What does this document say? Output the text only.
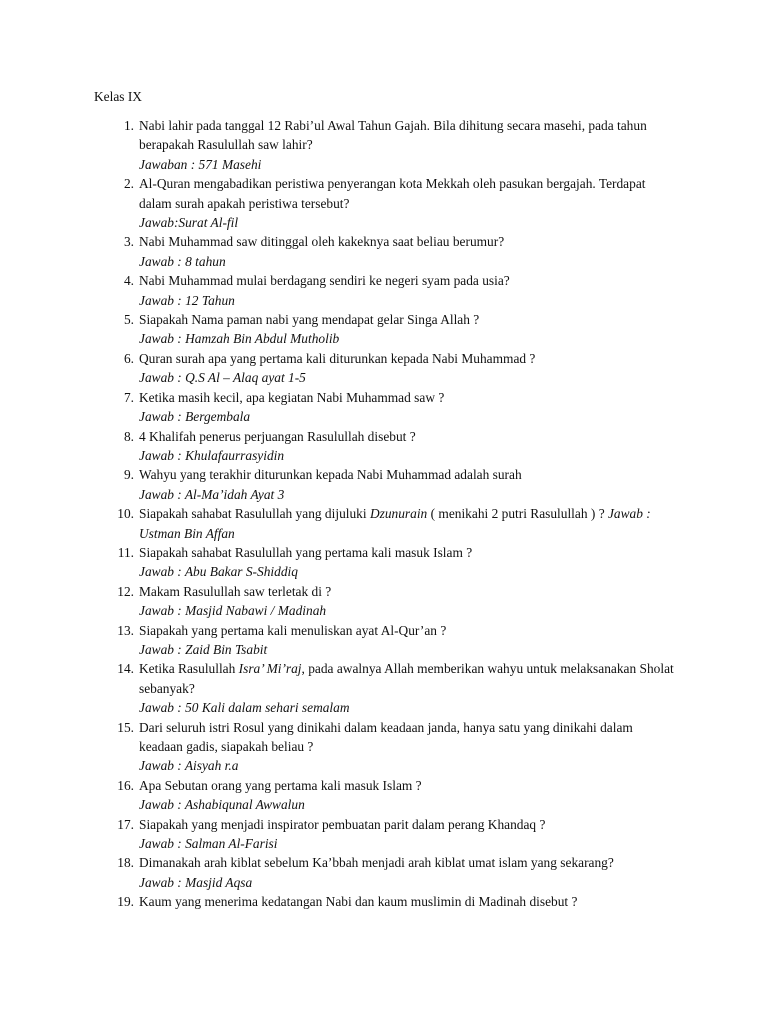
Kelas IX
1. Nabi lahir pada tanggal 12 Rabi’ul Awal Tahun Gajah. Bila dihitung secara masehi, pada tahun berapakah Rasulullah saw lahir?
Jawaban : 571 Masehi
2. Al-Quran mengabadikan peristiwa penyerangan kota Mekkah oleh pasukan bergajah. Terdapat dalam surah apakah peristiwa tersebut?
Jawab:Surat Al-fil
3. Nabi Muhammad saw ditinggal oleh kakeknya saat beliau berumur?
Jawab : 8 tahun
4. Nabi Muhammad mulai berdagang sendiri ke negeri syam pada usia?
Jawab : 12 Tahun
5. Siapakah Nama paman nabi yang mendapat gelar Singa Allah ?
Jawab : Hamzah Bin Abdul Mutholib
6. Quran surah apa yang pertama kali diturunkan kepada Nabi Muhammad ?
Jawab : Q.S Al – Alaq ayat 1-5
7. Ketika masih kecil, apa kegiatan Nabi Muhammad saw ?
Jawab : Bergembala
8. 4 Khalifah penerus perjuangan Rasulullah disebut ?
Jawab : Khulafaurrasyidin
9. Wahyu yang terakhir diturunkan kepada Nabi Muhammad adalah surah
Jawab : Al-Ma’idah Ayat 3
10. Siapakah sahabat Rasulullah yang dijuluki Dzunurain ( menikahi 2 putri Rasulullah ) ? Jawab : Ustman Bin Affan
11. Siapakah sahabat Rasulullah yang pertama kali masuk Islam ?
Jawab : Abu Bakar S-Shiddiq
12. Makam Rasulullah saw terletak di ?
Jawab : Masjid Nabawi / Madinah
13. Siapakah yang pertama kali menuliskan ayat Al-Qur’an ?
Jawab : Zaid Bin Tsabit
14. Ketika Rasulullah Isra’ Mi’raj, pada awalnya Allah memberikan wahyu untuk melaksanakan Sholat sebanyak?
Jawab : 50 Kali dalam sehari semalam
15. Dari seluruh istri Rosul yang dinikahi dalam keadaan janda, hanya satu yang dinikahi dalam keadaan gadis, siapakah beliau ?
Jawab : Aisyah r.a
16. Apa Sebutan orang yang pertama kali masuk Islam ?
Jawab : Ashabiqunal Awwalun
17. Siapakah yang menjadi inspirator pembuatan parit dalam perang Khandaq ?
Jawab : Salman Al-Farisi
18. Dimanakah arah kiblat sebelum Ka’bbah menjadi arah kiblat umat islam yang sekarang?
Jawab : Masjid Aqsa
19. Kaum yang menerima kedatangan Nabi dan kaum muslimin di Madinah disebut ?
